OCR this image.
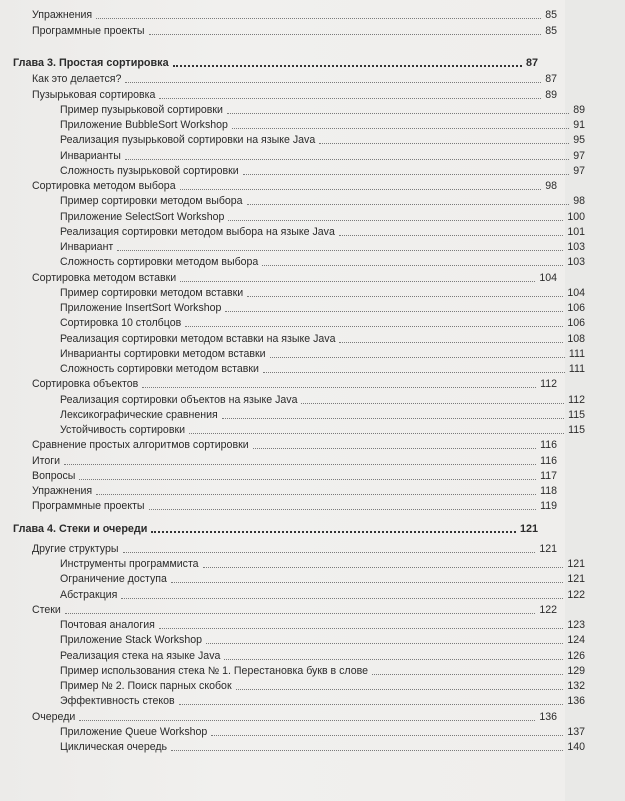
Упражнения	85
Программные проекты	85
Глава 3. Простая сортировка	87
Как это делается?	87
Пузырьковая сортировка	89
Пример пузырьковой сортировки	89
Приложение BubbleSort Workshop	91
Реализация пузырьковой сортировки на языке Java	95
Инварианты	97
Сложность пузырьковой сортировки	97
Сортировка методом выбора	98
Пример сортировки методом выбора	98
Приложение SelectSort Workshop	100
Реализация сортировки методом выбора на языке Java	101
Инвариант	103
Сложность сортировки методом выбора	103
Сортировка методом вставки	104
Пример сортировки методом вставки	104
Приложение InsertSort Workshop	106
Сортировка 10 столбцов	106
Реализация сортировки методом вставки на языке Java	108
Инварианты сортировки методом вставки	111
Сложность сортировки методом вставки	111
Сортировка объектов	112
Реализация сортировки объектов на языке Java	112
Лексикографические сравнения	115
Устойчивость сортировки	115
Сравнение простых алгоритмов сортировки	116
Итоги	116
Вопросы	117
Упражнения	118
Программные проекты	119
Глава 4. Стеки и очереди	121
Другие структуры	121
Инструменты программиста	121
Ограничение доступа	121
Абстракция	122
Стеки	122
Почтовая аналогия	123
Приложение Stack Workshop	124
Реализация стека на языке Java	126
Пример использования стека № 1. Перестановка букв в слове	129
Пример № 2. Поиск парных скобок	132
Эффективность стеков	136
Очереди	136
Приложение Queue Workshop	137
Циклическая очередь	140
